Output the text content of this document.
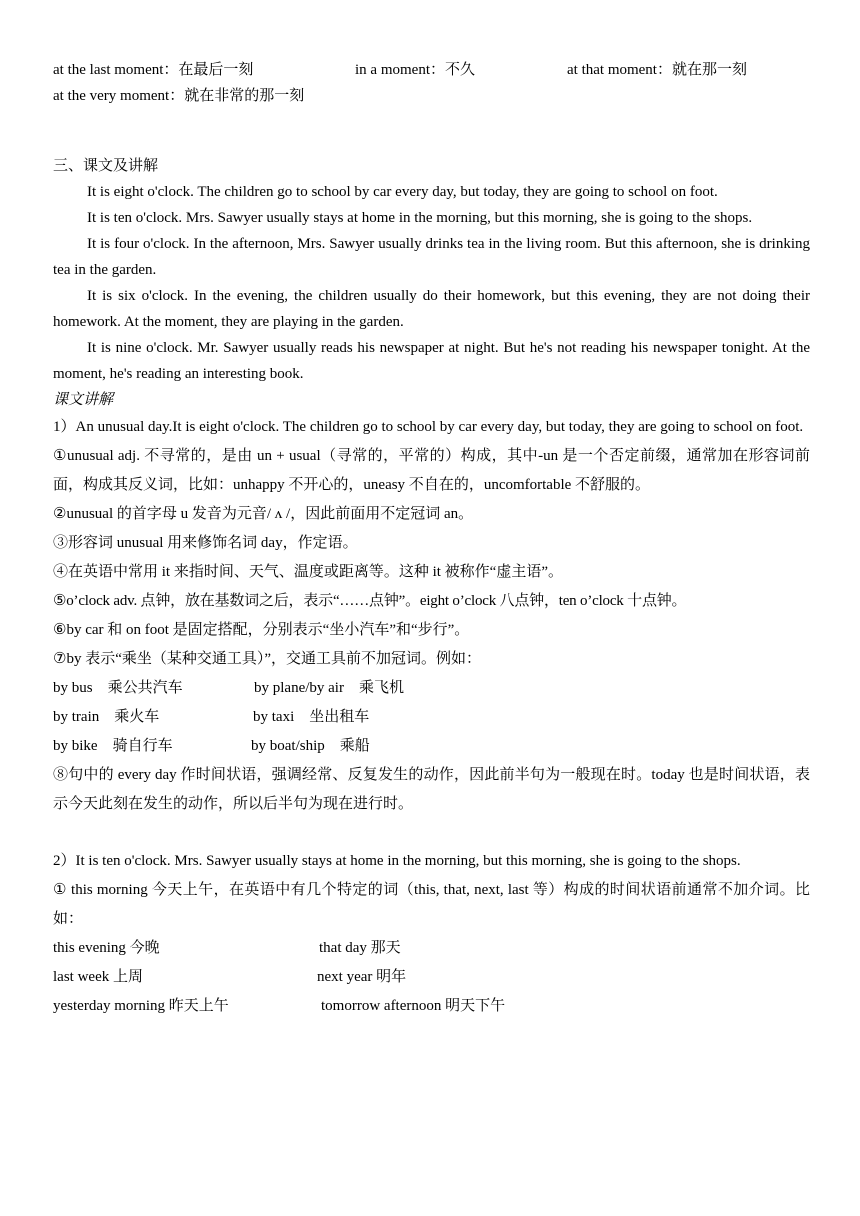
at the last moment：在最后一刻	in a moment：不久	at that moment：就在那一刻
at the very moment：就在非常的那一刻
三、课文及讲解

It is eight o'clock. The children go to school by car every day, but today, they are going to school on foot.

It is ten o'clock. Mrs. Sawyer usually stays at home in the morning, but this morning, she is going to the shops.

It is four o'clock. In the afternoon, Mrs. Sawyer usually drinks tea in the living room. But this afternoon, she is drinking tea in the garden.

It is six o'clock. In the evening, the children usually do their homework, but this evening, they are not doing their homework. At the moment, they are playing in the garden.

It is nine o'clock. Mr. Sawyer usually reads his newspaper at night. But he's not reading his newspaper tonight. At the moment, he's reading an interesting book.

课文讲解

1）An unusual day.It is eight o'clock. The children go to school by car every day, but today, they are going to school on foot.

①unusual adj. 不寻常的，是由 un + usual（寻常的，平常的）构成，其中-un 是一个否定前缀，通常加在形容词前面，构成其反义词，比如：unhappy 不开心的，uneasy 不自在的，uncomfortable 不舒服的。

②unusual 的首字母 u 发音为元音/ ʌ /，因此前面用不定冠词 an。

③形容词 unusual 用来修饰名词 day，作定语。

④在英语中常用 it 来指时间、天气、温度或距离等。这种 it 被称作“虚主语”。

⑤o’clock adv. 点钟，放在基数词之后，表示“……点钟”。eight o’clock 八点钟，ten o’clock 十点钟。

⑥by car 和 on foot 是固定搭配，分别表示“坐小汽车”和“步行”。

⑦by 表示“乘坐（某种交通工具）”，交通工具前不加冠词。例如：

by bus　乘公共汽车	by plane/by air　乘飞机
by train　乘火车	by taxi　坐出租车
by bike　骑自行车	by boat/ship　乘船

⑧句中的 every day 作时间状语，强调经常、反复发生的动作，因此前半句为一般现在时。today 也是时间状语，表示今天此刻在发生的动作，所以后半句为现在进行时。

2）It is ten o'clock. Mrs. Sawyer usually stays at home in the morning, but this morning, she is going to the shops.

① this morning 今天上午，在英语中有几个特定的词（this, that, next, last 等）构成的时间状语前通常不加介词。比如：

this evening 今晚	that day 那天
last week 上周	next year 明年
yesterday morning 昨天上午	tomorrow afternoon 明天下午
